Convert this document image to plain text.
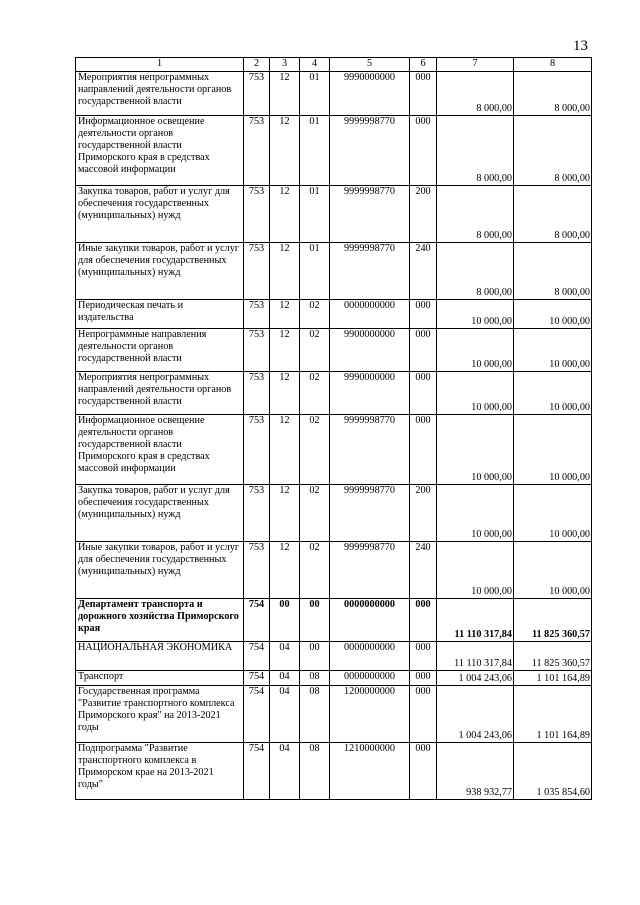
13
1	2	3	4	5	6	7	8
Мероприятия непрограммных направлений деятельности органов государственной власти	753	12	01	9990000000	000	8 000,00	8 000,00
Информационное освещение деятельности органов государственной власти Приморского края в средствах массовой информации	753	12	01	9999998770	000	8 000,00	8 000,00
Закупка товаров, работ и услуг для обеспечения государственных (муниципальных) нужд	753	12	01	9999998770	200	8 000,00	8 000,00
Иные закупки товаров, работ и услуг для обеспечения государственных (муниципальных) нужд	753	12	01	9999998770	240	8 000,00	8 000,00
Периодическая печать и издательства	753	12	02	0000000000	000	10 000,00	10 000,00
Непрограммные направления деятельности органов государственной власти	753	12	02	9900000000	000	10 000,00	10 000,00
Мероприятия непрограммных направлений деятельности органов государственной власти	753	12	02	9990000000	000	10 000,00	10 000,00
Информационное освещение деятельности органов государственной власти Приморского края в средствах массовой информации	753	12	02	9999998770	000	10 000,00	10 000,00
Закупка товаров, работ и услуг для обеспечения государственных (муниципальных) нужд	753	12	02	9999998770	200	10 000,00	10 000,00
Иные закупки товаров, работ и услуг для обеспечения государственных (муниципальных) нужд	753	12	02	9999998770	240	10 000,00	10 000,00
Департамент транспорта и дорожного хозяйства Приморского края	754	00	00	0000000000	000	11 110 317,84	11 825 360,57
НАЦИОНАЛЬНАЯ ЭКОНОМИКА	754	04	00	0000000000	000	11 110 317,84	11 825 360,57
Транспорт	754	04	08	0000000000	000	1 004 243,06	1 101 164,89
Государственная программа "Развитие транспортного комплекса Приморского края" на 2013-2021 годы	754	04	08	1200000000	000	1 004 243,06	1 101 164,89
Подпрограмма "Развитие транспортного комплекса в Приморском крае на 2013-2021 годы"	754	04	08	1210000000	000	938 932,77	1 035 854,60
